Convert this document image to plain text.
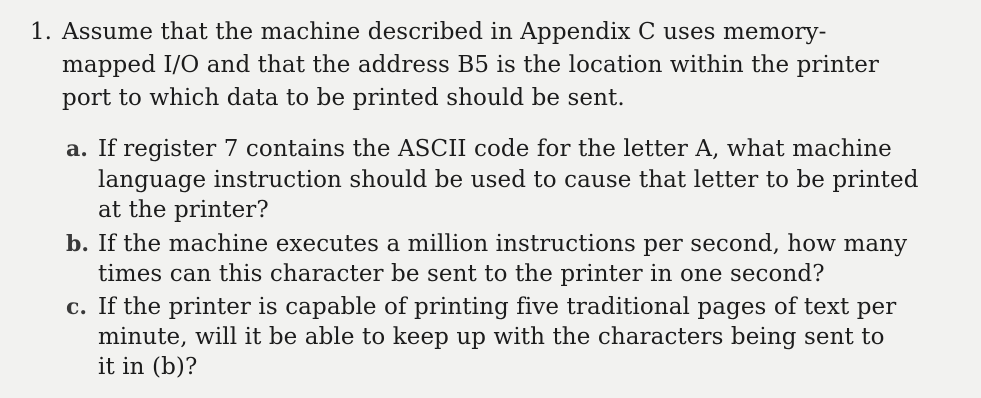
1. Assume that the machine described in Appendix C uses memory-
mapped I/O and that the address B5 is the location within the printer
port to which data to be printed should be sent.
a. If register 7 contains the ASCII code for the letter A, what machine
language instruction should be used to cause that letter to be printed
at the printer?
b. If the machine executes a million instructions per second, how many
times can this character be sent to the printer in one second?
c. If the printer is capable of printing five traditional pages of text per
minute, will it be able to keep up with the characters being sent to
it in (b)?
